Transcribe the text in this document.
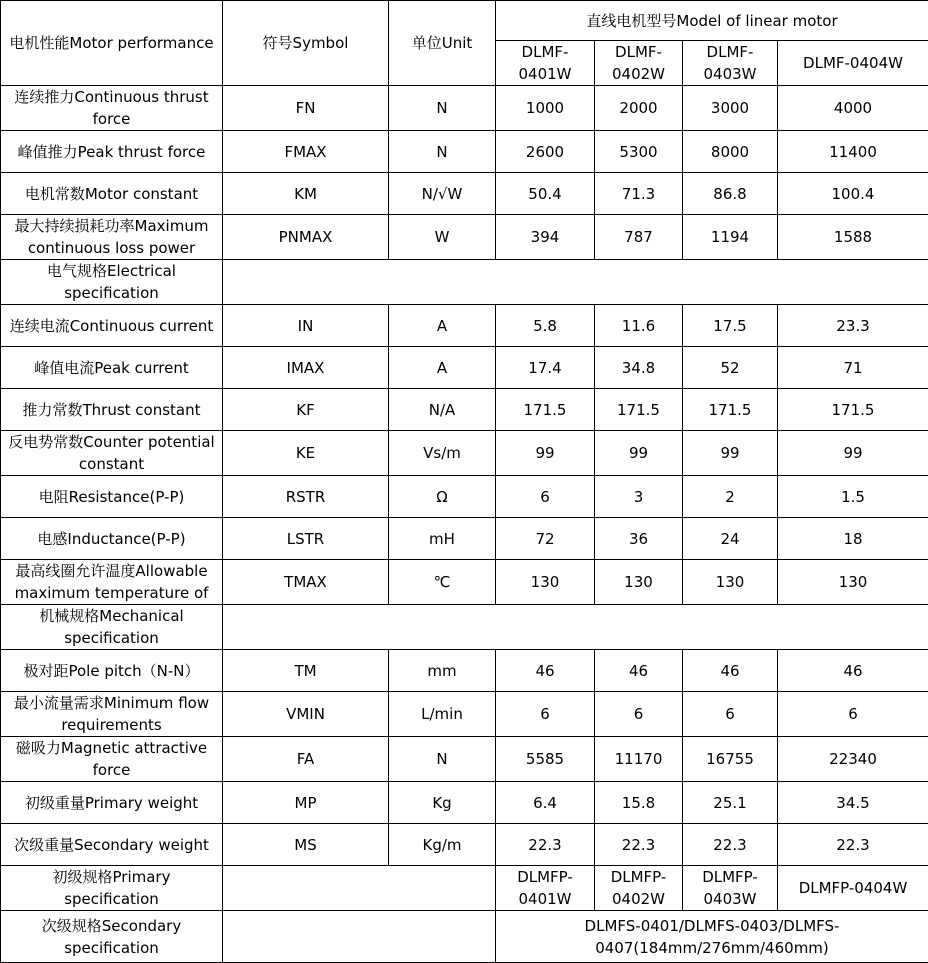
电机性能Motor performance	符号Symbol	单位Unit	直线电机型号Model of linear motor			
			DLMF-0401W	DLMF-0402W	DLMF-0403W	DLMF-0404W
连续推力Continuous thrust force	FN	N	1000	2000	3000	4000
峰值推力Peak thrust force	FMAX	N	2600	5300	8000	11400
电机常数Motor constant	KM	N/√W	50.4	71.3	86.8	100.4
最大持续损耗功率Maximum continuous loss power	PNMAX	W	394	787	1194	1588
电气规格Electrical specification						
连续电流Continuous current	IN	A	5.8	11.6	17.5	23.3
峰值电流Peak current	IMAX	A	17.4	34.8	52	71
推力常数Thrust constant	KF	N/A	171.5	171.5	171.5	171.5
反电势常数Counter potential constant	KE	Vs/m	99	99	99	99
电阻Resistance(P-P)	RSTR	Ω	6	3	2	1.5
电感Inductance(P-P)	LSTR	mH	72	36	24	18
最高线圈允许温度Allowable maximum temperature of	TMAX	℃	130	130	130	130
机械规格Mechanical specification						
极对距Pole pitch（N-N）	TM	mm	46	46	46	46
最小流量需求Minimum flow requirements	VMIN	L/min	6	6	6	6
磁吸力Magnetic attractive force	FA	N	5585	11170	16755	22340
初级重量Primary weight	MP	Kg	6.4	15.8	25.1	34.5
次级重量Secondary weight	MS	Kg/m	22.3	22.3	22.3	22.3
初级规格Primary specification			DLMFP-0401W	DLMFP-0402W	DLMFP-0403W	DLMFP-0404W
次级规格Secondary specification			DLMFS-0401/DLMFS-0403/DLMFS-0407(184mm/276mm/460mm)			
